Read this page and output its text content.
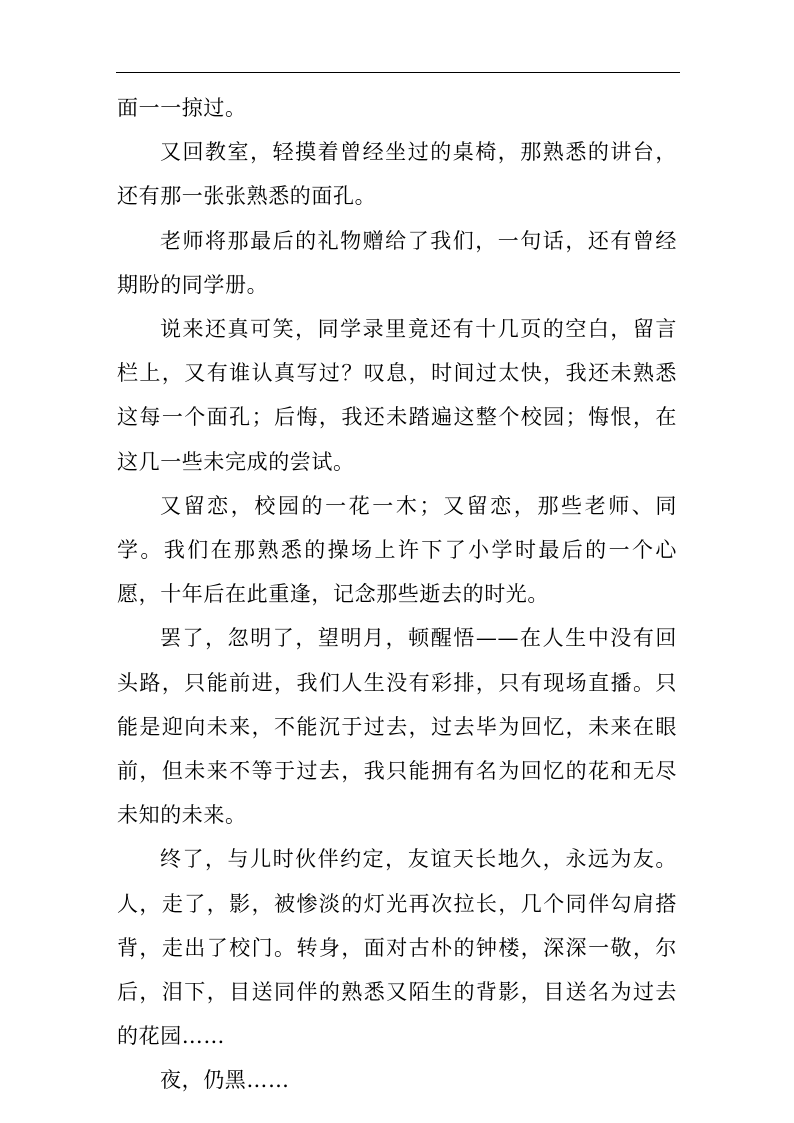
面一一掠过。

又回教室，轻摸着曾经坐过的桌椅，那熟悉的讲台，还有那一张张熟悉的面孔。

老师将那最后的礼物赠给了我们，一句话，还有曾经期盼的同学册。

说来还真可笑，同学录里竟还有十几页的空白，留言栏上，又有谁认真写过？叹息，时间过太快，我还未熟悉这每一个面孔；后悔，我还未踏遍这整个校园；悔恨，在这几一些未完成的尝试。

又留恋，校园的一花一木；又留恋，那些老师、同学。我们在那熟悉的操场上许下了小学时最后的一个心愿，十年后在此重逢，记念那些逝去的时光。

罢了，忽明了，望明月，顿醒悟——在人生中没有回头路，只能前进，我们人生没有彩排，只有现场直播。只能是迎向未来，不能沉于过去，过去毕为回忆，未来在眼前，但未来不等于过去，我只能拥有名为回忆的花和无尽未知的未来。

终了，与儿时伙伴约定，友谊天长地久，永远为友。人，走了，影，被惨淡的灯光再次拉长，几个同伴勾肩搭背，走出了校门。转身，面对古朴的钟楼，深深一敬，尔后，泪下，目送同伴的熟悉又陌生的背影，目送名为过去的花园……

夜，仍黑……
